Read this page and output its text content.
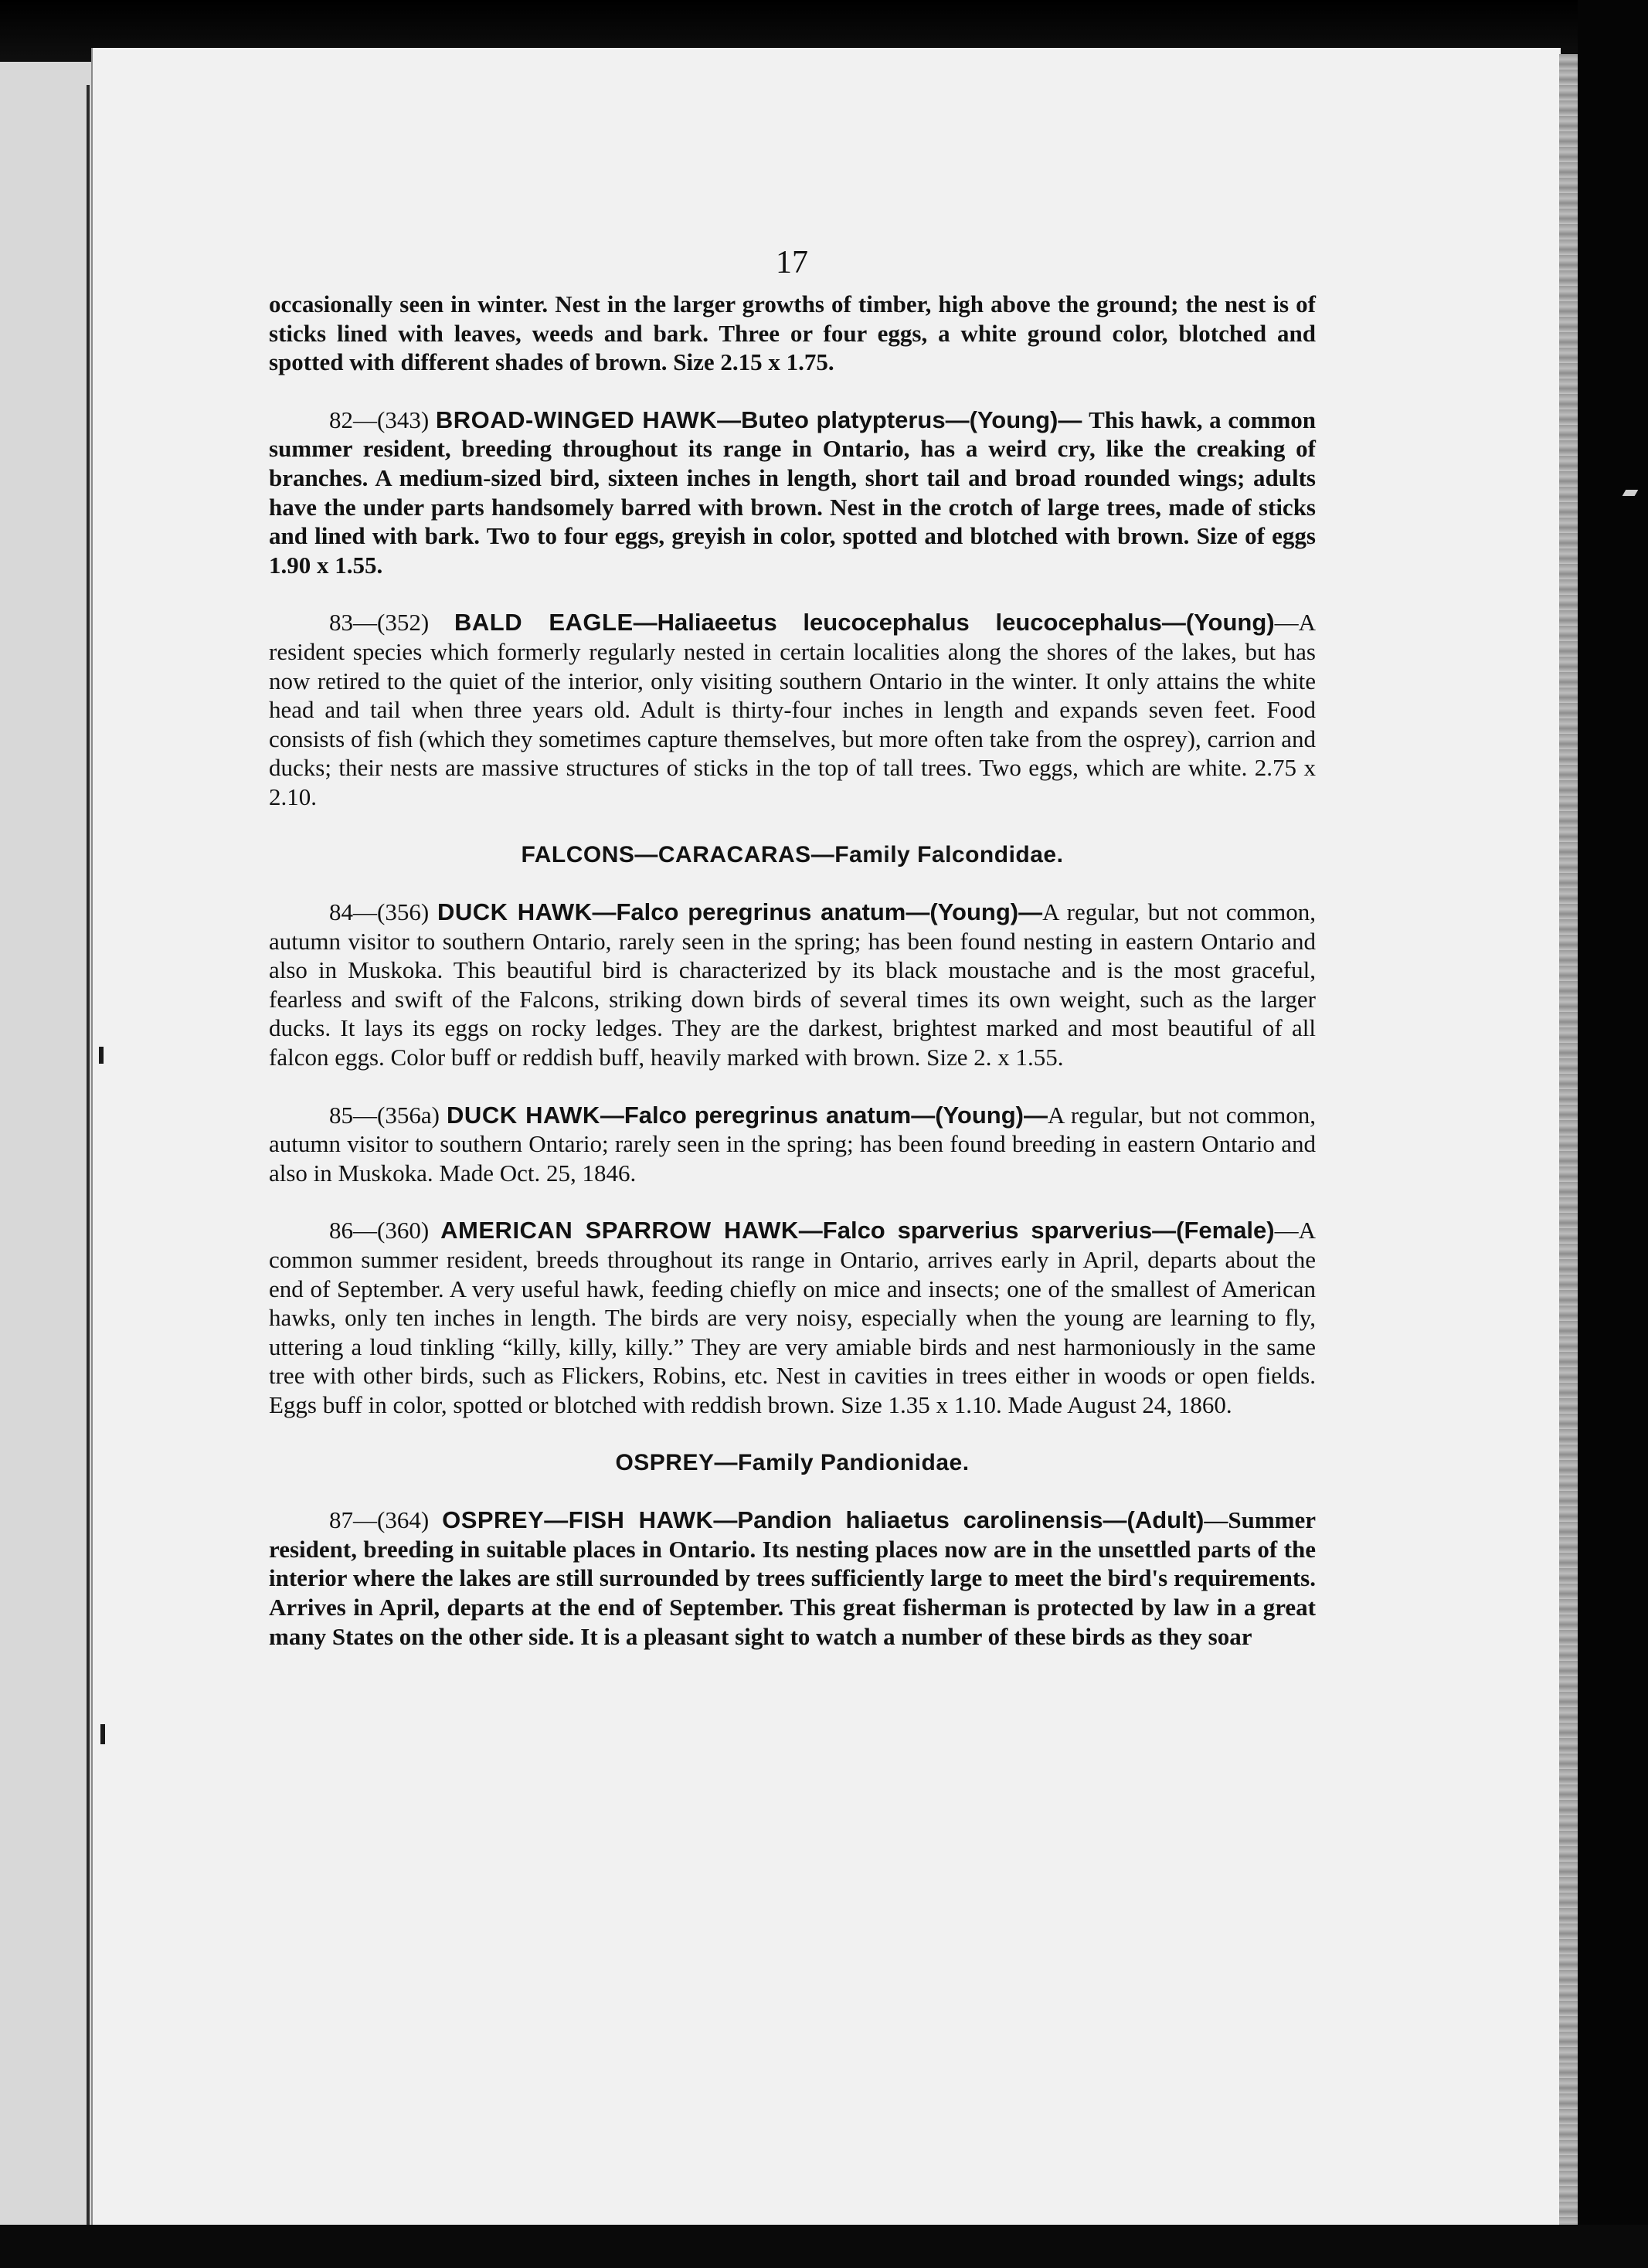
17

occasionally seen in winter. Nest in the larger growths of timber, high above the ground; the nest is of sticks lined with leaves, weeds and bark. Three or four eggs, a white ground color, blotched and spotted with different shades of brown. Size 2.15 x 1.75.

82—(343) BROAD-WINGED HAWK—Buteo platypterus—(Young)— This hawk, a common summer resident, breeding throughout its range in Ontario, has a weird cry, like the creaking of branches. A medium-sized bird, sixteen inches in length, short tail and broad rounded wings; adults have the under parts handsomely barred with brown. Nest in the crotch of large trees, made of sticks and lined with bark. Two to four eggs, greyish in color, spotted and blotched with brown. Size of eggs 1.90 x 1.55.

83—(352) BALD EAGLE—Haliaeetus leucocephalus leucocephalus—(Young)—A resident species which formerly regularly nested in certain localities along the shores of the lakes, but has now retired to the quiet of the interior, only visiting southern Ontario in the winter. It only attains the white head and tail when three years old. Adult is thirty-four inches in length and expands seven feet. Food consists of fish (which they sometimes capture themselves, but more often take from the osprey), carrion and ducks; their nests are massive structures of sticks in the top of tall trees. Two eggs, which are white. 2.75 x 2.10.

FALCONS—CARACARAS—Family Falcondidae.

84—(356) DUCK HAWK—Falco peregrinus anatum—(Young)—A regular, but not common, autumn visitor to southern Ontario, rarely seen in the spring; has been found nesting in eastern Ontario and also in Muskoka. This beautiful bird is characterized by its black moustache and is the most graceful, fearless and swift of the Falcons, striking down birds of several times its own weight, such as the larger ducks. It lays its eggs on rocky ledges. They are the darkest, brightest marked and most beautiful of all falcon eggs. Color buff or reddish buff, heavily marked with brown. Size 2. x 1.55.

85—(356a) DUCK HAWK—Falco peregrinus anatum—(Young)—A regular, but not common, autumn visitor to southern Ontario; rarely seen in the spring; has been found breeding in eastern Ontario and also in Muskoka. Made Oct. 25, 1846.

86—(360) AMERICAN SPARROW HAWK—Falco sparverius sparverius—(Female)—A common summer resident, breeds throughout its range in Ontario, arrives early in April, departs about the end of September. A very useful hawk, feeding chiefly on mice and insects; one of the smallest of American hawks, only ten inches in length. The birds are very noisy, especially when the young are learning to fly, uttering a loud tinkling “killy, killy, killy.” They are very amiable birds and nest harmoniously in the same tree with other birds, such as Flickers, Robins, etc. Nest in cavities in trees either in woods or open fields. Eggs buff in color, spotted or blotched with reddish brown. Size 1.35 x 1.10. Made August 24, 1860.

OSPREY—Family Pandionidae.

87—(364) OSPREY—FISH HAWK—Pandion haliaetus carolinensis—(Adult)—Summer resident, breeding in suitable places in Ontario. Its nesting places now are in the unsettled parts of the interior where the lakes are still surrounded by trees sufficiently large to meet the bird's requirements. Arrives in April, departs at the end of September. This great fisherman is protected by law in a great many States on the other side. It is a pleasant sight to watch a number of these birds as they soar
